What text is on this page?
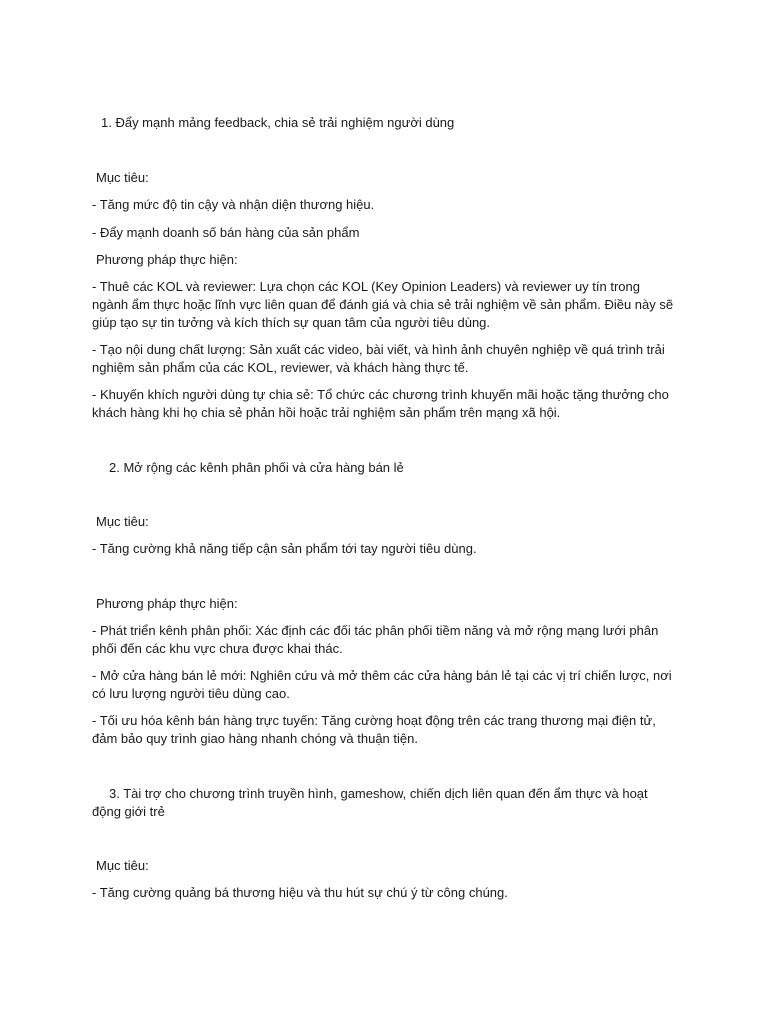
1. Đẩy mạnh mảng feedback, chia sẻ trải nghiệm người dùng
Mục tiêu:
- Tăng mức độ tin cậy và nhận diện thương hiệu.
- Đẩy mạnh doanh số bán hàng của sản phẩm
Phương pháp thực hiện:
- Thuê các KOL và reviewer: Lựa chọn các KOL (Key Opinion Leaders) và reviewer uy tín trong ngành ẩm thực hoặc lĩnh vực liên quan để đánh giá và chia sẻ trải nghiệm về sản phẩm. Điều này sẽ giúp tạo sự tin tưởng và kích thích sự quan tâm của người tiêu dùng.
- Tạo nội dung chất lượng: Sản xuất các video, bài viết, và hình ảnh chuyên nghiệp về quá trình trải nghiệm sản phẩm của các KOL, reviewer, và khách hàng thực tế.
- Khuyến khích người dùng tự chia sẻ: Tổ chức các chương trình khuyến mãi hoặc tặng thưởng cho khách hàng khi họ chia sẻ phản hồi hoặc trải nghiệm sản phẩm trên mạng xã hội.
2. Mở rộng các kênh phân phối và cửa hàng bán lẻ
Mục tiêu:
- Tăng cường khả năng tiếp cận sản phẩm tới tay người tiêu dùng.
Phương pháp thực hiện:
- Phát triển kênh phân phối: Xác định các đối tác phân phối tiềm năng và mở rộng mạng lưới phân phối đến các khu vực chưa được khai thác.
- Mở cửa hàng bán lẻ mới: Nghiên cứu và mở thêm các cửa hàng bán lẻ tại các vị trí chiến lược, nơi có lưu lượng người tiêu dùng cao.
- Tối ưu hóa kênh bán hàng trực tuyến: Tăng cường hoạt động trên các trang thương mại điện tử, đảm bảo quy trình giao hàng nhanh chóng và thuận tiện.
3. Tài trợ cho chương trình truyền hình, gameshow, chiến dịch liên quan đến ẩm thực và hoạt động giới trẻ
Mục tiêu:
- Tăng cường quảng bá thương hiệu và thu hút sự chú ý từ công chúng.
